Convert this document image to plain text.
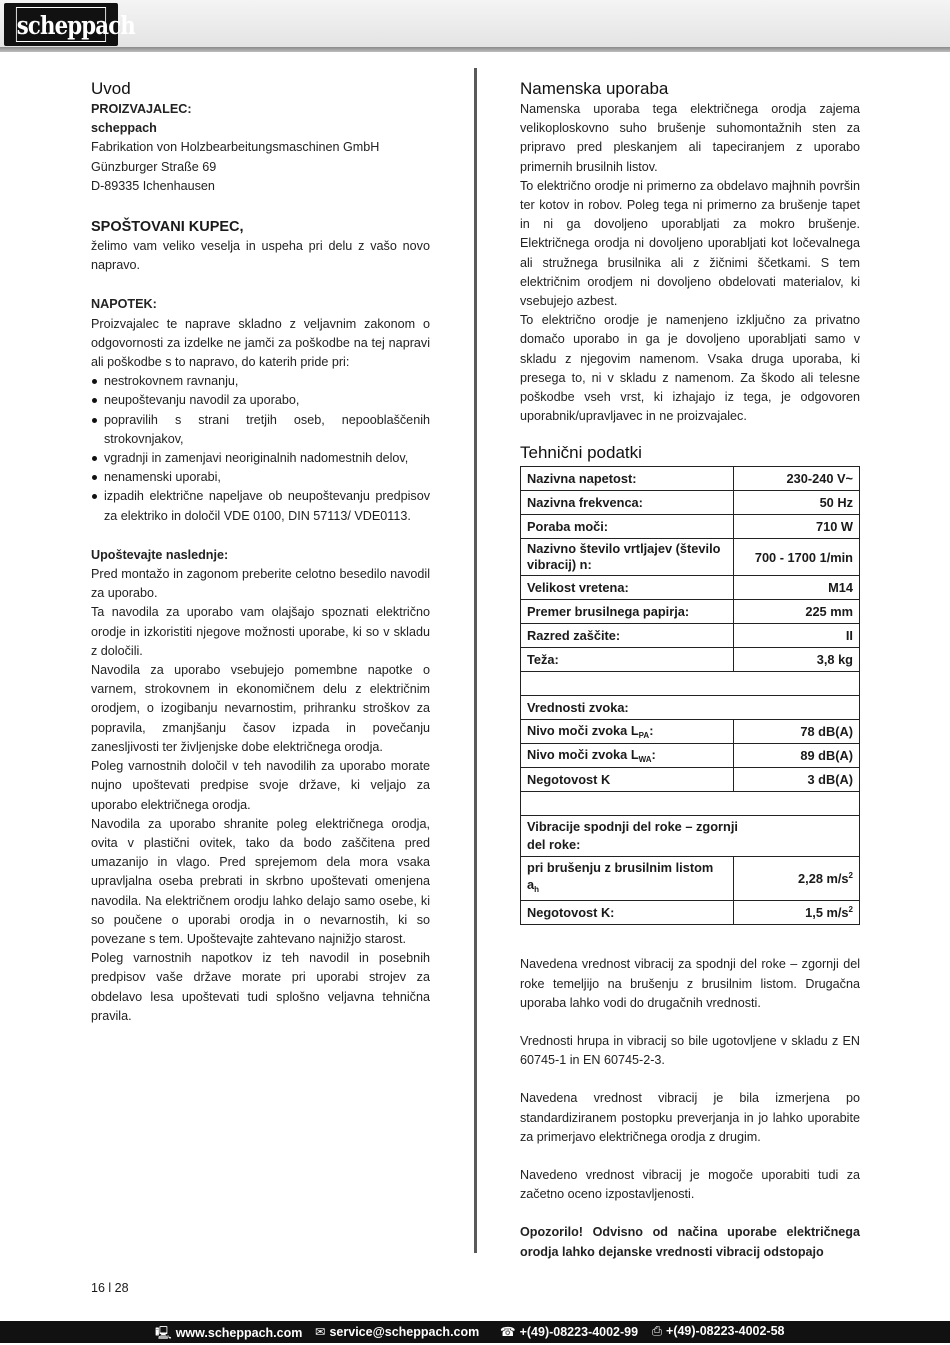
scheppach
Uvod

PROIZVAJALEC:

scheppach

Fabrikation von Holzbearbeitungsmaschinen GmbH

Günzburger Straße 69

D-89335 Ichenhausen

SPOŠTOVANI KUPEC,

želimo vam veliko veselja in uspeha pri delu z vašo novo napravo.

NAPOTEK:

Proizvajalec te naprave skladno z veljavnim zakonom o odgovornosti za izdelke ne jamči za poškodbe na tej napravi ali poškodbe s to napravo, do katerih pride pri:

nestrokovnem ravnanju,
neupoštevanju navodil za uporabo,
popravilih s strani tretjih oseb, nepooblaščenih strokovnjakov,
vgradnji in zamenjavi neoriginalnih nadomestnih delov,
nenamenski uporabi,
izpadih električne napeljave ob neupoštevanju predpisov za elektriko in določil VDE 0100, DIN 57113/ VDE0113.

Upoštevajte naslednje:

Pred montažo in zagonom preberite celotno besedilo navodil za uporabo.

Ta navodila za uporabo vam olajšajo spoznati električno orodje in izkoristiti njegove možnosti uporabe, ki so v skladu z določili.

Navodila za uporabo vsebujejo pomembne napotke o varnem, strokovnem in ekonomičnem delu z električnim orodjem, o izogibanju nevarnostim, prihranku stroškov za popravila, zmanjšanju časov izpada in povečanju zanesljivosti ter življenjske dobe električnega orodja.

Poleg varnostnih določil v teh navodilih za uporabo morate nujno upoštevati predpise svoje države, ki veljajo za uporabo električnega orodja.

Navodila za uporabo shranite poleg električnega orodja, ovita v plastični ovitek, tako da bodo zaščitena pred umazanijo in vlago. Pred sprejemom dela mora vsaka upravljalna oseba prebrati in skrbno upoštevati omenjena navodila. Na električnem orodju lahko delajo samo osebe, ki so poučene o uporabi orodja in o nevarnostih, ki so povezane s tem. Upoštevajte zahtevano najnižjo starost.

Poleg varnostnih napotkov iz teh navodil in posebnih predpisov vaše države morate pri uporabi strojev za obdelavo lesa upoštevati tudi splošno veljavna tehnična pravila.

Namenska uporaba

Namenska uporaba tega električnega orodja zajema velikoploskovno suho brušenje suhomontažnih sten za pripravo pred pleskanjem ali tapeciranjem z uporabo primernih brusilnih listov.

To električno orodje ni primerno za obdelavo majhnih površin ter kotov in robov. Poleg tega ni primerno za brušenje tapet in ni ga dovoljeno uporabljati za mokro brušenje. Električnega orodja ni dovoljeno uporabljati kot ločevalnega ali stružnega brusilnika ali z žičnimi ščetkami. S tem električnim orodjem ni dovoljeno obdelovati materialov, ki vsebujejo azbest.

To električno orodje je namenjeno izključno za privatno domačo uporabo in ga je dovoljeno uporabljati samo v skladu z njegovim namenom. Vsaka druga uporaba, ki presega to, ni v skladu z namenom. Za škodo ali telesne poškodbe vseh vrst, ki izhajajo iz tega, je odgovoren uporabnik/upravljavec in ne proizvajalec.

Tehnični podatki
Nazivna napetost:	230-240 V~
Nazivna frekvenca:	50 Hz
Poraba moči:	710 W
Nazivno število vrtljajev (število vibracij) n:	700 - 1700 1/min
Velikost vretena:	M14
Premer brusilnega papirja:	225 mm
Razred zaščite:	II
Teža:	3,8 kg

Vrednosti zvoka:	
Nivo moči zvoka $L_{PA}$:	78 dB(A)
Nivo moči zvoka $L_{WA}$:	89 dB(A)
Negotovost K	3 dB(A)

Vibracije spodnji del roke – zgornji del roke:	
pri brušenju z brusilnim listom $a_h$	2,28 $m/s^2$
Negotovost K:	1,5 $m/s^2$

Navedena vrednost vibracij za spodnji del roke – zgornji del roke temeljijo na brušenju z brusilnim listom. Drugačna uporaba lahko vodi do drugačnih vrednosti.

Vrednosti hrupa in vibracij so bile ugotovljene v skladu z EN 60745-1 in EN 60745-2-3.

Navedena vrednost vibracij je bila izmerjena po standardiziranem postopku preverjanja in jo lahko uporabite za primerjavo električnega orodja z drugim.

Navedeno vrednost vibracij je mogoče uporabiti tudi za začetno oceno izpostavljenosti.

Opozorilo! Odvisno od načina uporabe električnega orodja lahko dejanske vrednosti vibracij odstopajo

16 l 28
🖳 www.scheppach.com ✉ service@scheppach.com ☎ +(49)-08223-4002-99 ⎙ +(49)-08223-4002-58
